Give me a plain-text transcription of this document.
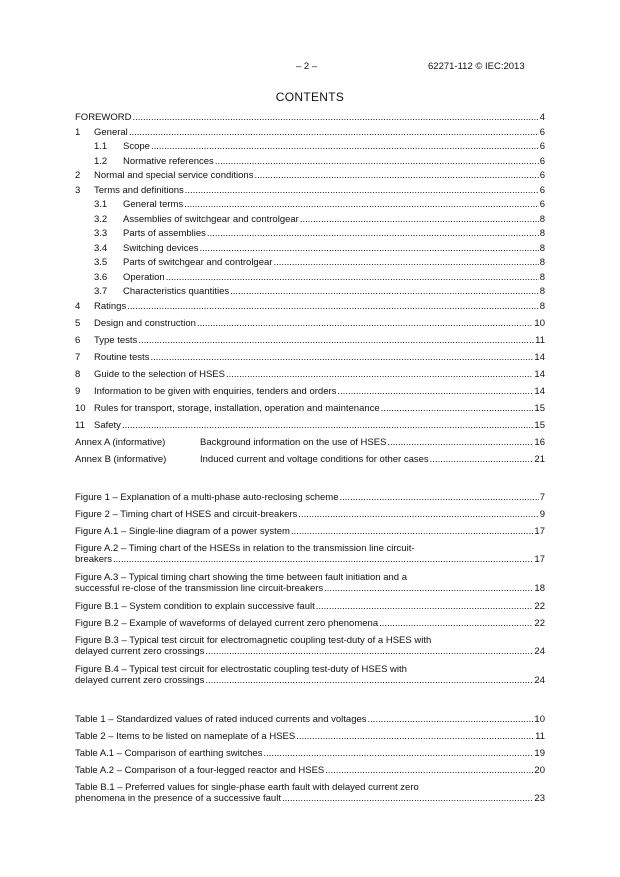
– 2 –	62271-112 © IEC:2013
CONTENTS
FOREWORD .....	4
1	General .....	6
1.1	Scope .....	6
1.2	Normative references .....	6
2	Normal and special service conditions .....	6
3	Terms and definitions .....	6
3.1	General terms .....	6
3.2	Assemblies of switchgear and controlgear .....	8
3.3	Parts of assemblies .....	8
3.4	Switching devices .....	8
3.5	Parts of switchgear and controlgear .....	8
3.6	Operation .....	8
3.7	Characteristics quantities .....	8
4	Ratings .....	8
5	Design and construction .....	10
6	Type tests .....	11
7	Routine tests .....	14
8	Guide to the selection of HSES .....	14
9	Information to be given with enquiries, tenders and orders .....	14
10 Rules for transport, storage, installation, operation and maintenance .....	15
11 Safety .....	15
Annex A (informative)	Background information on the use of HSES .....	16
Annex B (informative)	Induced current and voltage conditions for other cases .....	21
Figure 1 – Explanation of a multi-phase auto-reclosing scheme .....	7
Figure 2 – Timing chart of HSES and circuit-breakers .....	9
Figure A.1 – Single-line diagram of a power system .....	17
Figure A.2 – Timing chart of the HSESs in relation to the transmission line circuit-
breakers .....	17
Figure A.3 – Typical timing chart showing the time between fault initiation and a
successful re-close of the transmission line circuit-breakers .....	18
Figure B.1 – System condition to explain successive fault .....	22
Figure B.2 – Example of waveforms of delayed current zero phenomena .....	22
Figure B.3 – Typical test circuit for electromagnetic coupling test-duty of a HSES with
delayed current zero crossings .....	24
Figure B.4 – Typical test circuit for electrostatic coupling test-duty of HSES with
delayed current zero crossings .....	24
Table 1 – Standardized values of rated induced currents and voltages .....	10
Table 2 – Items to be listed on nameplate of a HSES .....	11
Table A.1 – Comparison of earthing switches .....	19
Table A.2 – Comparison of a four-legged reactor and HSES .....	20
Table B.1 – Preferred values for single-phase earth fault with delayed current zero
phenomena in the presence of a successive fault .....	23
